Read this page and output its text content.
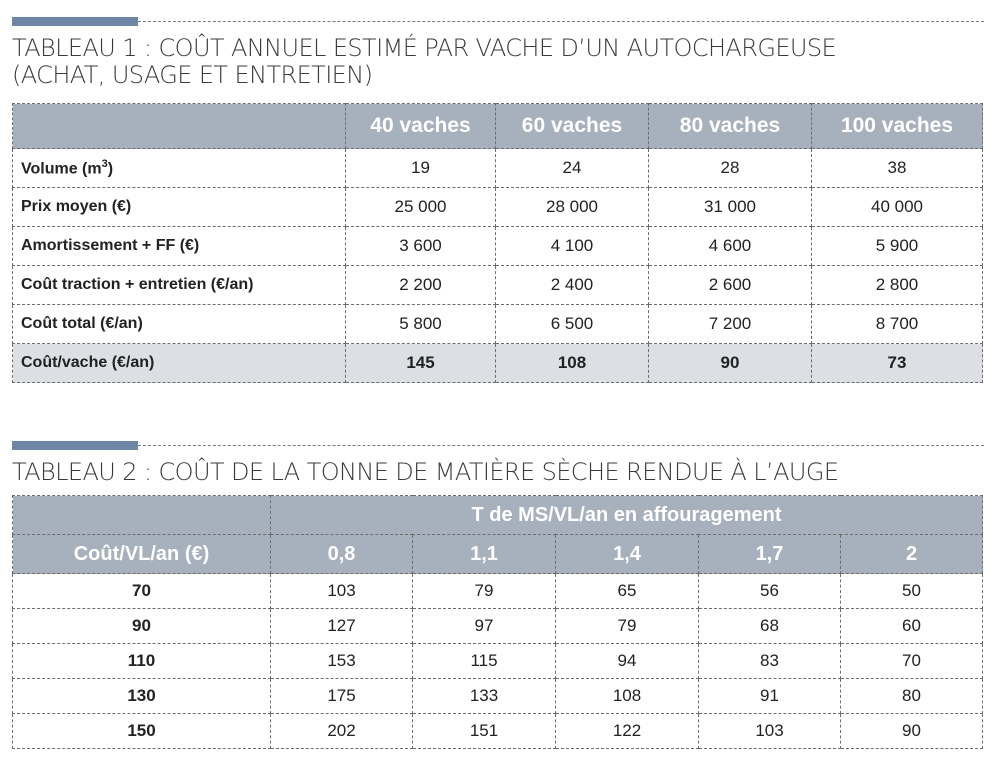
TABLEAU 1 : COÛT ANNUEL ESTIMÉ PAR VACHE D’UN AUTOCHARGEUSE
(ACHAT, USAGE ET ENTRETIEN)
	40 vaches	60 vaches	80 vaches	100 vaches
Volume $(m^3)$	19	24	28	38
Prix moyen (€)	25 000	28 000	31 000	40 000
Amortissement + FF (€)	3 600	4 100	4 600	5 900
Coût traction + entretien (€/an)	2 200	2 400	2 600	2 800
Coût total (€/an)	5 800	6 500	7 200	8 700
Coût/vache (€/an)	145	108	90	73
TABLEAU 2 : COÛT DE LA TONNE DE MATIÈRE SÈCHE RENDUE À L’AUGE
	T de MS/VL/an en affouragement				
Coût/VL/an (€)	0,8	1,1	1,4	1,7	2
70	103	79	65	56	50
90	127	97	79	68	60
110	153	115	94	83	70
130	175	133	108	91	80
150	202	151	122	103	90
